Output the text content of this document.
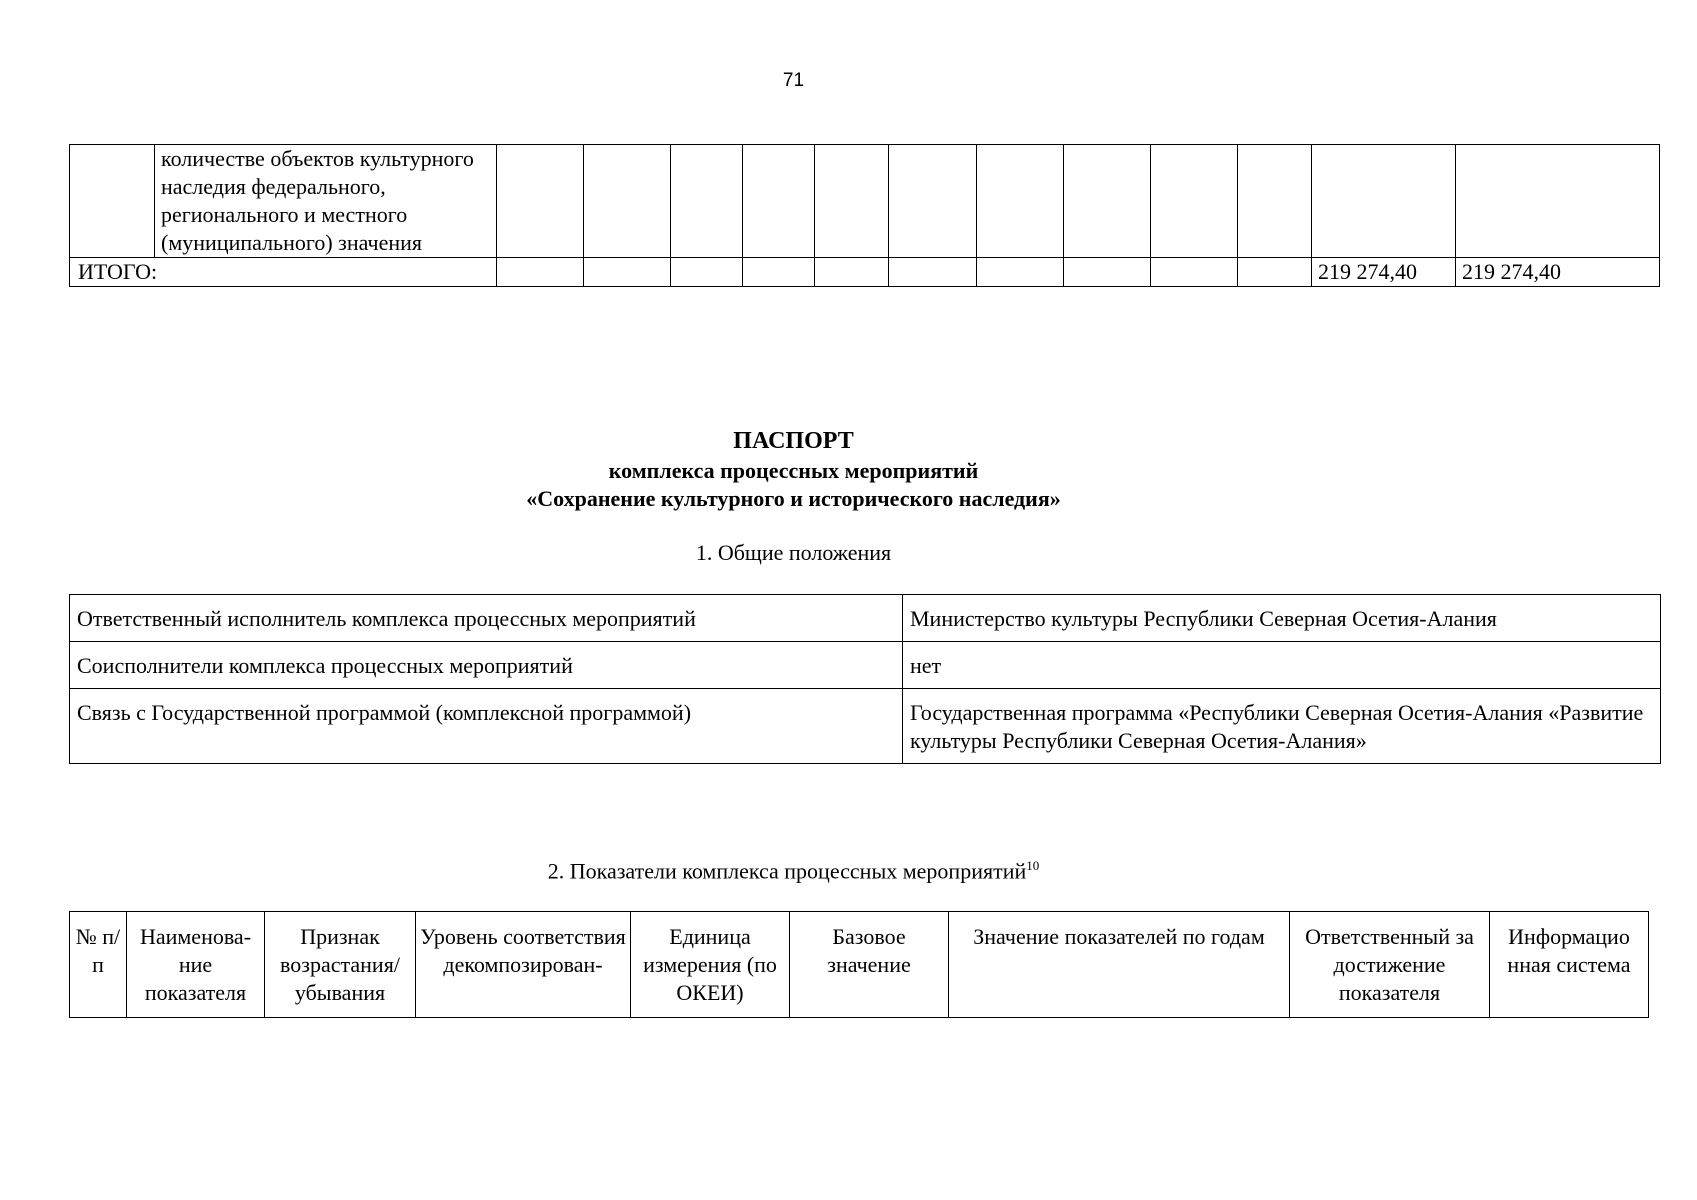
71
	количестве объектов культурного наследия федерального, регионального и местного (муниципального) значения												
ИТОГО:												219 274,40	219 274,40
ПАСПОРТ
комплекса процессных мероприятий
«Сохранение культурного и исторического наследия»
1. Общие положения
Ответственный исполнитель комплекса процессных мероприятий	Министерство культуры Республики Северная Осетия-Алания
Соисполнители комплекса процессных мероприятий	нет
Связь с Государственной программой (комплексной программой)	Государственная программа «Республики Северная Осетия-Алания «Развитие культуры Республики Северная Осетия-Алания»
2. Показатели комплекса процессных мероприятий$^{10}$
№ п/п	Наименова-ние показателя	Признак возрастания/ убывания	Уровень соответствия декомпозирован-	Единица измерения (по ОКЕИ)	Базовое значение	Значение показателей по годам	Ответственный за достижение показателя	Информацио нная система
